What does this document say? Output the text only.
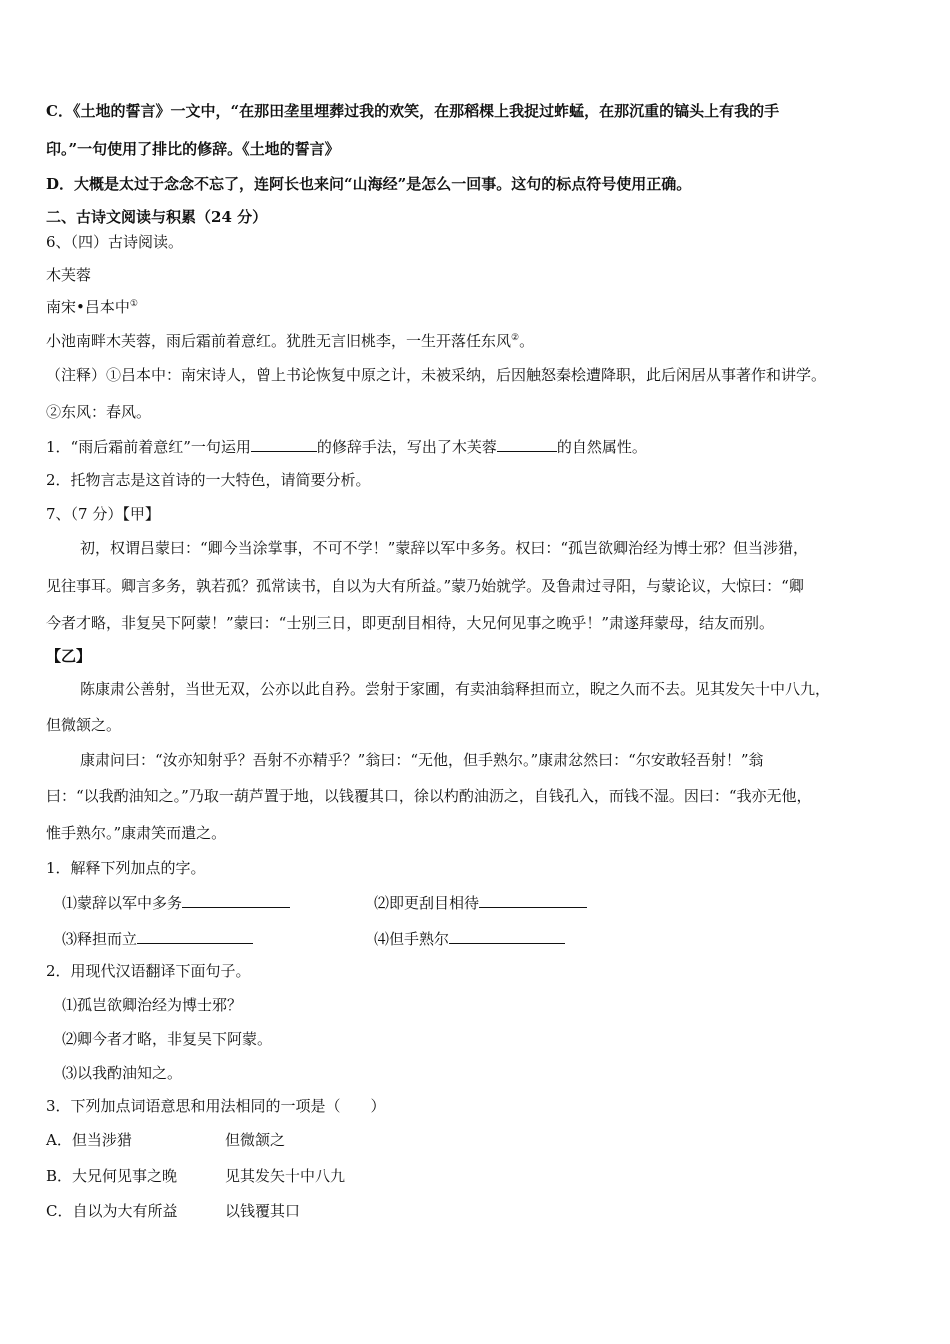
C．《土地的誓言》一文中，“在那田垄里埋葬过我的欢笑，在那稻棵上我捉过蚱蜢，在那沉重的镐头上有我的手
印。”一句使用了排比的修辞。《土地的誓言》
D．大概是太过于念念不忘了，连阿长也来问“山海经”是怎么一回事。这句的标点符号使用正确。
二、古诗文阅读与积累（24 分）
6、（四）古诗阅读。
木芙蓉
南宋•吕本中①
小池南畔木芙蓉，雨后霜前着意红。犹胜无言旧桃李，一生开落任东风②。
（注释）①吕本中：南宋诗人，曾上书论恢复中原之计，未被采纳，后因触怒秦桧遭降职，此后闲居从事著作和讲学。
②东风：春风。
1．“雨后霜前着意红”一句运用	的修辞手法，写出了木芙蓉	的自然属性。
2．托物言志是这首诗的一大特色，请简要分析。
7、（7 分）【甲】
初，权谓吕蒙曰：“卿今当涂掌事，不可不学！”蒙辞以军中多务。权曰：“孤岂欲卿治经为博士邪？但当涉猎，
见往事耳。卿言多务，孰若孤？孤常读书，自以为大有所益。”蒙乃始就学。及鲁肃过寻阳，与蒙论议，大惊曰：“卿
今者才略，非复吴下阿蒙！”蒙曰：“士别三日，即更刮目相待，大兄何见事之晚乎！”肃遂拜蒙母，结友而别。
【乙】
陈康肃公善射，当世无双，公亦以此自矜。尝射于家圃，有卖油翁释担而立，睨之久而不去。见其发矢十中八九，
但微颔之。
康肃问曰：“汝亦知射乎？吾射不亦精乎？”翁曰：“无他，但手熟尔。”康肃忿然曰：“尔安敢轻吾射！”翁
曰：“以我酌油知之。”乃取一葫芦置于地，以钱覆其口，徐以杓酌油沥之，自钱孔入，而钱不湿。因曰：“我亦无他，
惟手熟尔。”康肃笑而遣之。
1．解释下列加点的字。
⑴蒙辞以军中多务	⑵即更刮目相待
⑶释担而立	⑷但手熟尔
2．用现代汉语翻译下面句子。
⑴孤岂欲卿治经为博士邪？
⑵卿今者才略，非复吴下阿蒙。
⑶以我酌油知之。
3．下列加点词语意思和用法相同的一项是（　　）
A．但当涉猎	但微颔之
B．大兄何见事之晚	见其发矢十中八九
C．自以为大有所益	以钱覆其口
